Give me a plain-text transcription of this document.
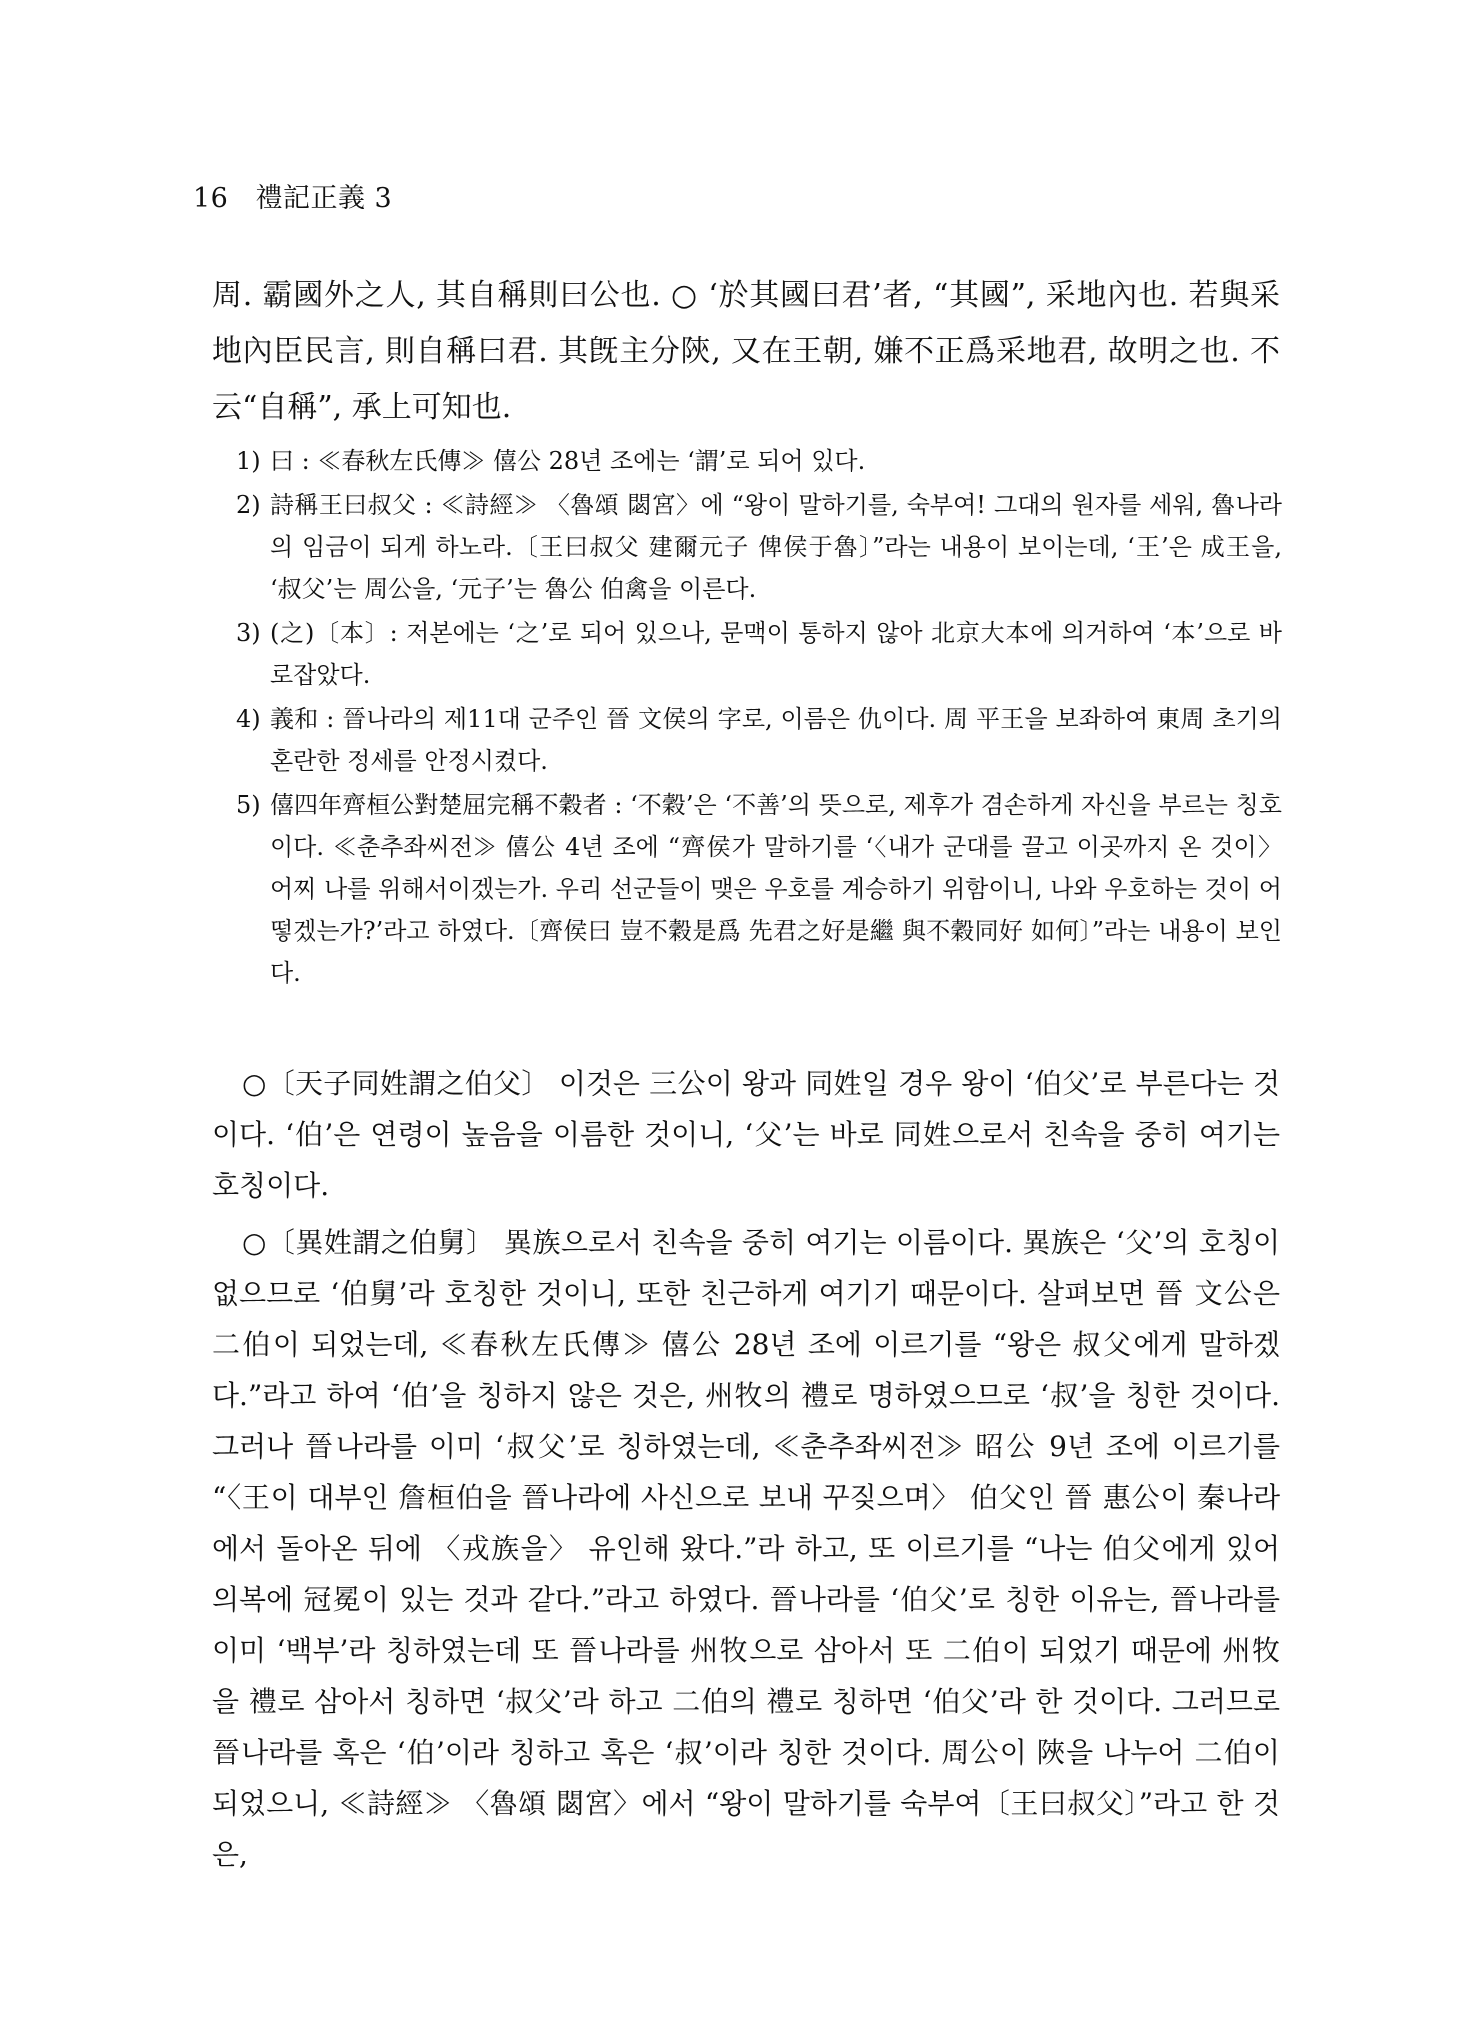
16 禮記正義 3

周. 霸國外之人, 其自稱則曰公也. ○ ‘於其國曰君’者, “其國”, 采地內也. 若與采地內臣民言, 則自稱曰君. 其旣主分陝, 又在王朝, 嫌不正爲采地君, 故明之也. 不云“自稱”, 承上可知也.

1) 曰 : ≪春秋左氏傳≫ 僖公 28년 조에는 ‘謂’로 되어 있다.
2) 詩稱王曰叔父 : ≪詩經≫ 〈魯頌 閟宮〉에 “왕이 말하기를, 숙부여! 그대의 원자를 세워, 魯나라의 임금이 되게 하노라.〔王曰叔父 建爾元子 俾侯于魯〕”라는 내용이 보이는데, ‘王’은 成王을, ‘叔父’는 周公을, ‘元子’는 魯公 伯禽을 이른다.
3) (之)〔本〕: 저본에는 ‘之’로 되어 있으나, 문맥이 통하지 않아 北京大本에 의거하여 ‘本’으로 바로잡았다.
4) 義和 : 晉나라의 제11대 군주인 晉 文侯의 字로, 이름은 仇이다. 周 平王을 보좌하여 東周 초기의 혼란한 정세를 안정시켰다.
5) 僖四年齊桓公對楚屈完稱不穀者 : ‘不穀’은 ‘不善’의 뜻으로, 제후가 겸손하게 자신을 부르는 칭호이다. ≪춘추좌씨전≫ 僖公 4년 조에 “齊侯가 말하기를 ‘〈내가 군대를 끌고 이곳까지 온 것이〉 어찌 나를 위해서이겠는가. 우리 선군들이 맺은 우호를 계승하기 위함이니, 나와 우호하는 것이 어떻겠는가?’라고 하였다.〔齊侯曰 豈不穀是爲 先君之好是繼 與不穀同好 如何〕”라는 내용이 보인다.

○〔天子同姓謂之伯父〕 이것은 三公이 왕과 同姓일 경우 왕이 ‘伯父’로 부른다는 것이다. ‘伯’은 연령이 높음을 이름한 것이니, ‘父’는 바로 同姓으로서 친속을 중히 여기는 호칭이다.

○〔異姓謂之伯舅〕 異族으로서 친속을 중히 여기는 이름이다. 異族은 ‘父’의 호칭이 없으므로 ‘伯舅’라 호칭한 것이니, 또한 친근하게 여기기 때문이다. 살펴보면 晉 文公은 二伯이 되었는데, ≪春秋左氏傳≫ 僖公 28년 조에 이르기를 “왕은 叔父에게 말하겠다.”라고 하여 ‘伯’을 칭하지 않은 것은, 州牧의 禮로 명하였으므로 ‘叔’을 칭한 것이다. 그러나 晉나라를 이미 ‘叔父’로 칭하였는데, ≪춘추좌씨전≫ 昭公 9년 조에 이르기를 “〈王이 대부인 詹桓伯을 晉나라에 사신으로 보내 꾸짖으며〉 伯父인 晉 惠公이 秦나라에서 돌아온 뒤에 〈戎族을〉 유인해 왔다.”라 하고, 또 이르기를 “나는 伯父에게 있어 의복에 冠冕이 있는 것과 같다.”라고 하였다. 晉나라를 ‘伯父’로 칭한 이유는, 晉나라를 이미 ‘백부’라 칭하였는데 또 晉나라를 州牧으로 삼아서 또 二伯이 되었기 때문에 州牧을 禮로 삼아서 칭하면 ‘叔父’라 하고 二伯의 禮로 칭하면 ‘伯父’라 한 것이다. 그러므로 晉나라를 혹은 ‘伯’이라 칭하고 혹은 ‘叔’이라 칭한 것이다. 周公이 陜을 나누어 二伯이 되었으니, ≪詩經≫ 〈魯頌 閟宮〉에서 “왕이 말하기를 숙부여〔王曰叔父〕”라고 한 것은,
